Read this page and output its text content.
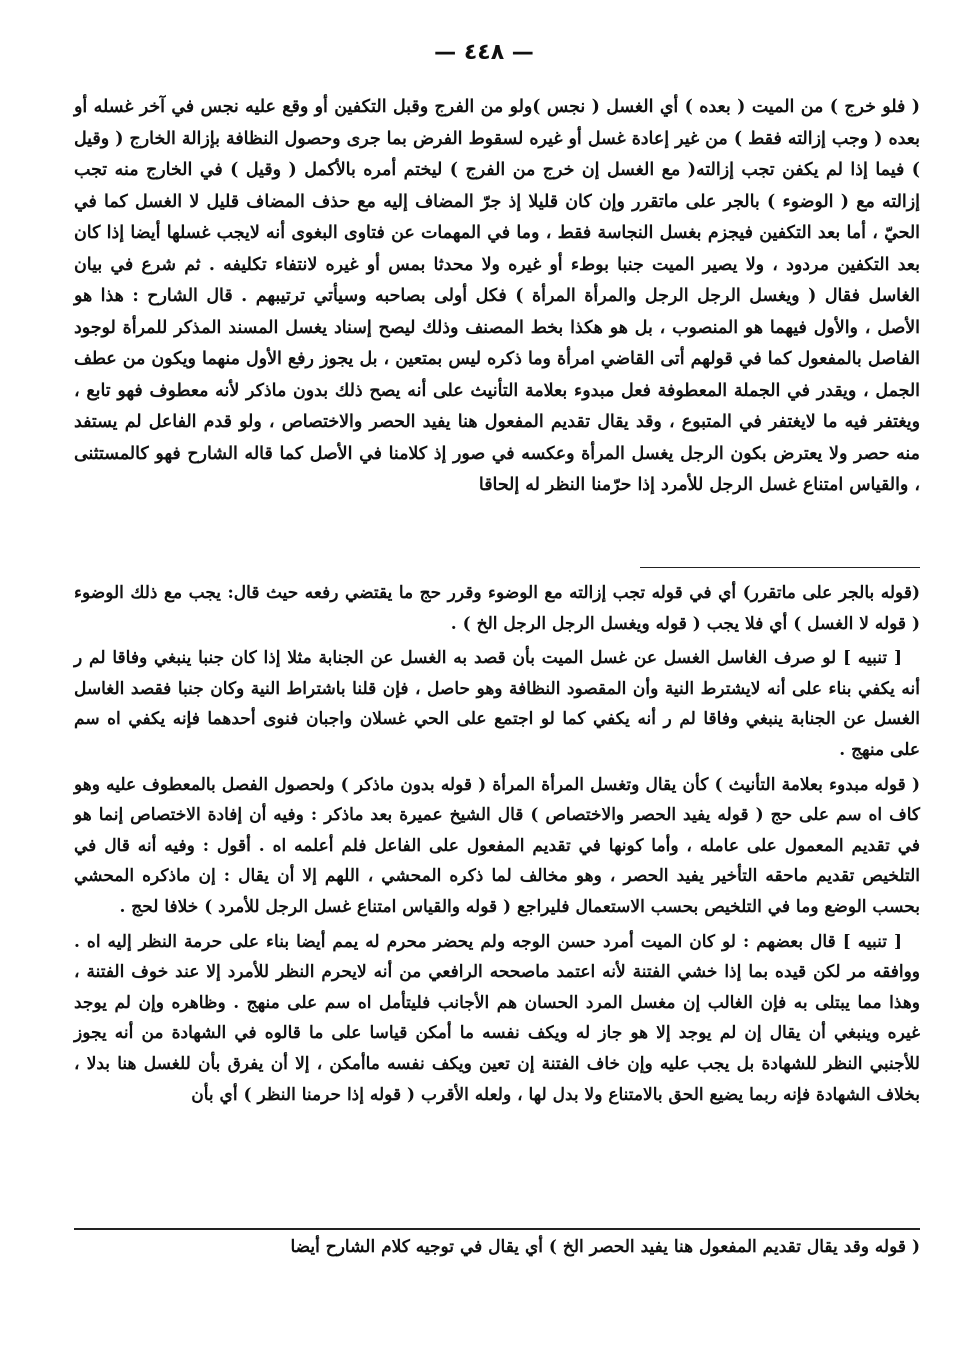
— ٤٤٨ —

( فلو خرج ) من الميت ( بعده ) أي الغسل ( نجس )ولو من الفرج وقبل التكفين أو وقع عليه نجس في آخر غسله أو بعده ( وجب إزالته فقط ) من غير إعادة غسل أو غيره لسقوط الفرض بما جرى وحصول النظافة بإزالة الخارج ( وقيل ) فيما إذا لم يكفن تجب إزالته( مع الغسل إن خرج من الفرج ) ليختم أمره بالأكمل ( وقيل ) في الخارج منه تجب إزالته مع ( الوضوء ) بالجر على ماتقرر وإن كان قليلا إذ جرّ المضاف إليه مع حذف المضاف قليل لا الغسل كما في الحيّ ، أما بعد التكفين فيجزم بغسل النجاسة فقط ، وما في المهمات عن فتاوى البغوى أنه لايجب غسلها أيضا إذا كان بعد التكفين مردود ، ولا يصير الميت جنبا بوطء أو غيره ولا محدثا بمس أو غيره لانتفاء تكليفه . ثم شرع في بيان الغاسل فقال ( ويغسل الرجل الرجل والمرأة المرأة ) فكل أولى بصاحبه وسيأتي ترتيبهم . قال الشارح : هذا هو الأصل ، والأول فيهما هو المنصوب ، بل هو هكذا بخط المصنف وذلك ليصح إسناد يغسل المسند المذكر للمرأة لوجود الفاصل بالمفعول كما في قولهم أتى القاضي امرأة وما ذكره ليس بمتعين ، بل يجوز رفع الأول منهما ويكون من عطف الجمل ، ويقدر في الجملة المعطوفة فعل مبدوء بعلامة التأنيث على أنه يصح ذلك بدون ماذكر لأنه معطوف فهو تابع ، ويغتفر فيه ما لايغتفر في المتبوع ، وقد يقال تقديم المفعول هنا يفيد الحصر والاختصاص ، ولو قدم الفاعل لم يستفد منه حصر ولا يعترض بكون الرجل يغسل المرأة وعكسه في صور إذ كلامنا في الأصل كما قاله الشارح فهو كالمستثنى ، والقياس امتناع غسل الرجل للأمرد إذا حرّمنا النظر له إلحاقا

(قوله بالجر على ماتقرر) أي في قوله تجب إزالته مع الوضوء وقرر حج ما يقتضي رفعه حيث قال: يجب مع ذلك الوضوء ( قوله لا الغسل ) أي فلا يجب ( قوله ويغسل الرجل الرجل الخ ) .

[ تنبيه ] لو صرف الغاسل الغسل عن غسل الميت بأن قصد به الغسل عن الجنابة مثلا إذا كان جنبا ينبغي وفاقا لم ر أنه يكفي بناء على أنه لايشترط النية وأن المقصود النظافة وهو حاصل ، فإن قلنا باشتراط النية وكان جنبا فقصد الغاسل الغسل عن الجنابة ينبغي وفاقا لم ر أنه يكفي كما لو اجتمع على الحي غسلان واجبان فنوى أحدهما فإنه يكفي اه سم على منهج .

( قوله مبدوء بعلامة التأنيث ) كأن يقال وتغسل المرأة المرأة ( قوله بدون ماذكر ) ولحصول الفصل بالمعطوف عليه وهو كاف اه سم على حج ( قوله يفيد الحصر والاختصاص ) قال الشيخ عميرة بعد ماذكر : وفيه أن إفادة الاختصاص إنما هو في تقديم المعمول على عامله ، وأما كونها في تقديم المفعول على الفاعل فلم أعلمه اه . أقول : وفيه أنه قال في التلخيص تقديم ماحقه التأخير يفيد الحصر ، وهو مخالف لما ذكره المحشي ، اللهم إلا أن يقال : إن ماذكره المحشي بحسب الوضع وما في التلخيص بحسب الاستعمال فليراجع ( قوله والقياس امتناع غسل الرجل للأمرد ) خلافا لحج .

[ تنبيه ] قال بعضهم : لو كان الميت أمرد حسن الوجه ولم يحضر محرم له يمم أيضا بناء على حرمة النظر إليه اه . ووافقه مر لكن قيده بما إذا خشي الفتنة لأنه اعتمد ماصححه الرافعي من أنه لايحرم النظر للأمرد إلا عند خوف الفتنة ، وهذا مما يبتلى به فإن الغالب إن مغسل المرد الحسان هم الأجانب فليتأمل اه سم على منهج . وظاهره وإن لم يوجد غيره وينبغي أن يقال إن لم يوجد إلا هو جاز له ويكف نفسه ما أمكن قياسا على ما قالوه في الشهادة من أنه يجوز للأجنبي النظر للشهادة بل يجب عليه وإن خاف الفتنة إن تعين ويكف نفسه ماأمكن ، إلا أن يفرق بأن للغسل هنا بدلا ، بخلاف الشهادة فإنه ربما يضيع الحق بالامتناع ولا بدل لها ، ولعله الأقرب ( قوله إذا حرمنا النظر ) أي بأن

( قوله وقد يقال تقديم المفعول هنا يفيد الحصر الخ ) أي يقال في توجيه كلام الشارح أيضا
